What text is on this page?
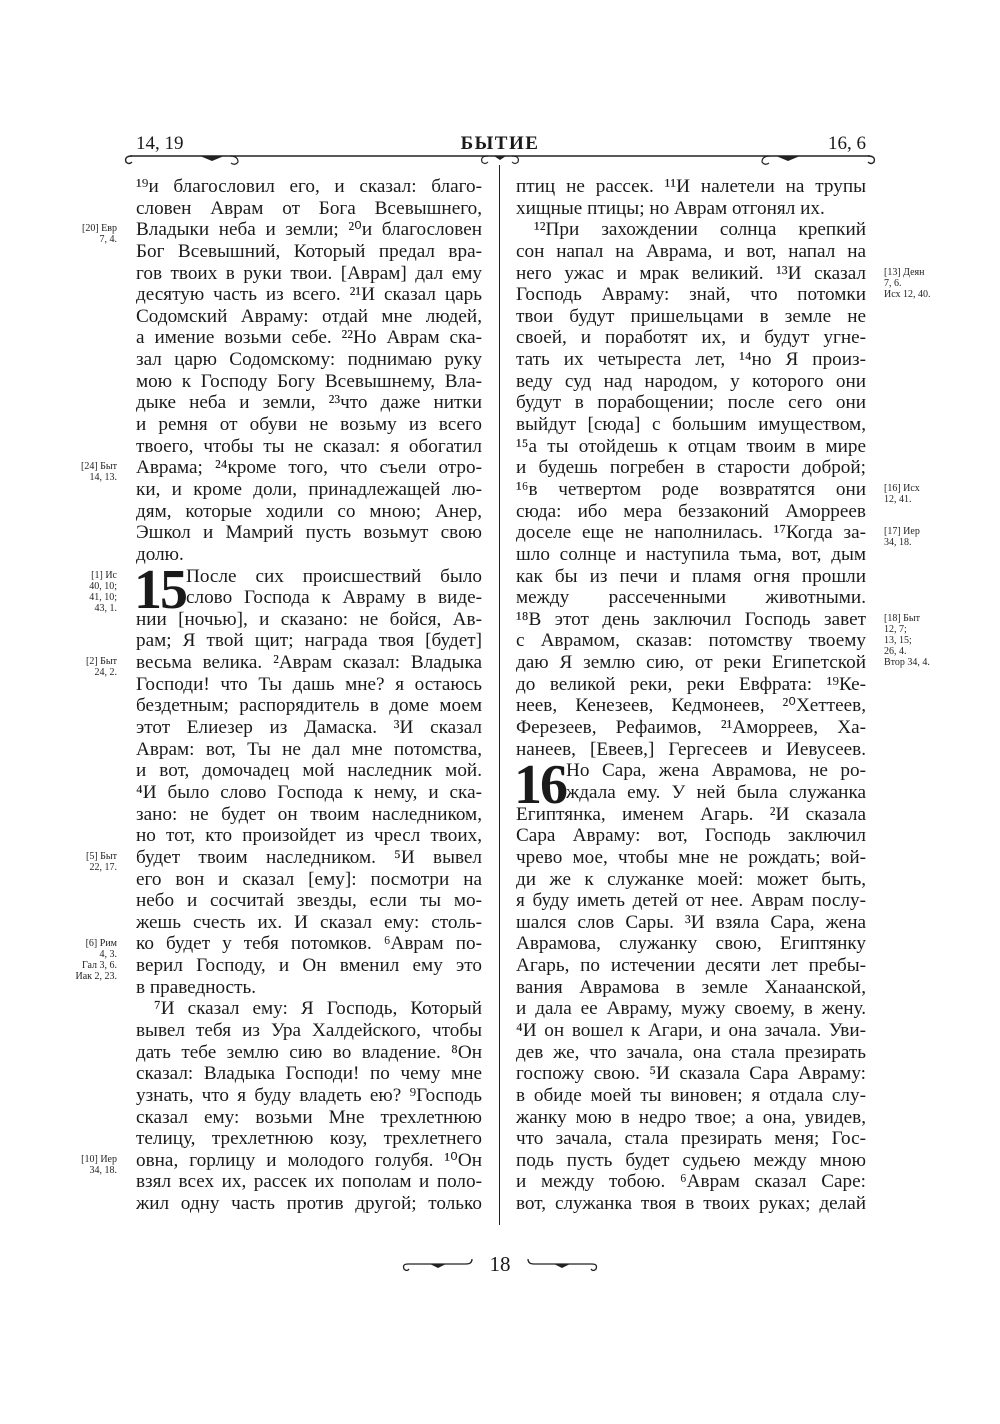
14, 19	БЫТИЕ	16, 6
15
¹⁹и благословил его, и сказал: благо-
словен Аврам от Бога Всевышнего,
Владыки неба и земли; ²⁰и благословен
Бог Всевышний, Который предал вра-
гов твоих в руки твои. [Аврам] дал ему
десятую часть из всего. ²¹И сказал царь
Содомский Авраму: отдай мне людей,
а имение возьми себе. ²²Но Аврам ска-
зал царю Содомскому: поднимаю руку
мою к Господу Богу Всевышнему, Вла-
дыке неба и земли, ²³что даже нитки
и ремня от обуви не возьму из всего
твоего, чтобы ты не сказал: я обогатил
Аврама; ²⁴кроме того, что съели отро-
ки, и кроме доли, принадлежащей лю-
дям, которые ходили со мною; Анер,
Эшкол и Мамрий пусть возьмут свою
долю.
После сих происшествий было
слово Господа к Авраму в виде-
нии [ночью], и сказано: не бойся, Ав-
рам; Я твой щит; награда твоя [будет]
весьма велика. ²Аврам сказал: Владыка
Господи! что Ты дашь мне? я остаюсь
бездетным; распорядитель в доме моем
этот Елиезер из Дамаска. ³И сказал
Аврам: вот, Ты не дал мне потомства,
и вот, домочадец мой наследник мой.
⁴И было слово Господа к нему, и ска-
зано: не будет он твоим наследником,
но тот, кто произойдет из чресл твоих,
будет твоим наследником. ⁵И вывел
его вон и сказал [ему]: посмотри на
небо и сосчитай звезды, если ты мо-
жешь счесть их. И сказал ему: столь-
ко будет у тебя потомков. ⁶Аврам по-
верил Господу, и Он вменил ему это
в праведность.
⁷И сказал ему: Я Господь, Который
вывел тебя из Ура Халдейского, чтобы
дать тебе землю сию во владение. ⁸Он
сказал: Владыка Господи! по чему мне
узнать, что я буду владеть ею? ⁹Господь
сказал ему: возьми Мне трехлетнюю
телицу, трехлетнюю козу, трехлетнего
овна, горлицу и молодого голубя. ¹⁰Он
взял всех их, рассек их пополам и поло-
жил одну часть против другой; только
16
птиц не рассек. ¹¹И налетели на трупы
хищные птицы; но Аврам отгонял их.
¹²При захождении солнца крепкий
сон напал на Аврама, и вот, напал на
него ужас и мрак великий. ¹³И сказал
Господь Авраму: знай, что потомки
твои будут пришельцами в земле не
своей, и поработят их, и будут угне-
тать их четыреста лет, ¹⁴но Я произ-
веду суд над народом, у которого они
будут в порабощении; после сего они
выйдут [сюда] с большим имуществом,
¹⁵а ты отойдешь к отцам твоим в мире
и будешь погребен в старости доброй;
¹⁶в четвертом роде возвратятся они
сюда: ибо мера беззаконий Аморреев
доселе еще не наполнилась. ¹⁷Когда за-
шло солнце и наступила тьма, вот, дым
как бы из печи и пламя огня прошли
между рассеченными животными.
¹⁸В этот день заключил Господь завет
с Аврамом, сказав: потомству твоему
даю Я землю сию, от реки Египетской
до великой реки, реки Евфрата: ¹⁹Ке-
неев, Кенезеев, Кедмонеев, ²⁰Хеттеев,
Ферезеев, Рефаимов, ²¹Аморреев, Ха-
нанеев, [Евеев,] Гергесеев и Иевусеев.
Но Сара, жена Аврамова, не ро-
ждала ему. У ней была служанка
Египтянка, именем Агарь. ²И сказала
Сара Авраму: вот, Господь заключил
чрево мое, чтобы мне не рождать; вой-
ди же к служанке моей: может быть,
я буду иметь детей от нее. Аврам послу-
шался слов Сары. ³И взяла Сара, жена
Аврамова, служанку свою, Египтянку
Агарь, по истечении десяти лет пребы-
вания Аврамова в земле Ханаанской,
и дала ее Авраму, мужу своему, в жену.
⁴И он вошел к Агари, и она зачала. Уви-
дев же, что зачала, она стала презирать
госпожу свою. ⁵И сказала Сара Авраму:
в обиде моей ты виновен; я отдала слу-
жанку мою в недро твое; а она, увидев,
что зачала, стала презирать меня; Гос-
подь пусть будет судьею между мною
и между тобою. ⁶Аврам сказал Саре:
вот, служанка твоя в твоих руках; делай
18
[20] Евр
7, 4.
[24] Быт
14, 13.
[1] Ис
40, 10;
41, 10;
43, 1.
[2] Быт
24, 2.
[5] Быт
22, 17.
[6] Рим
4, 3.
Гал 3, 6.
Иак 2, 23.
[10] Иер
34, 18.
[13] Деян
7, 6.
Исх 12, 40.
[16] Исх
12, 41.
[17] Иер
34, 18.
[18] Быт
12, 7;
13, 15;
26, 4.
Втор 34, 4.
